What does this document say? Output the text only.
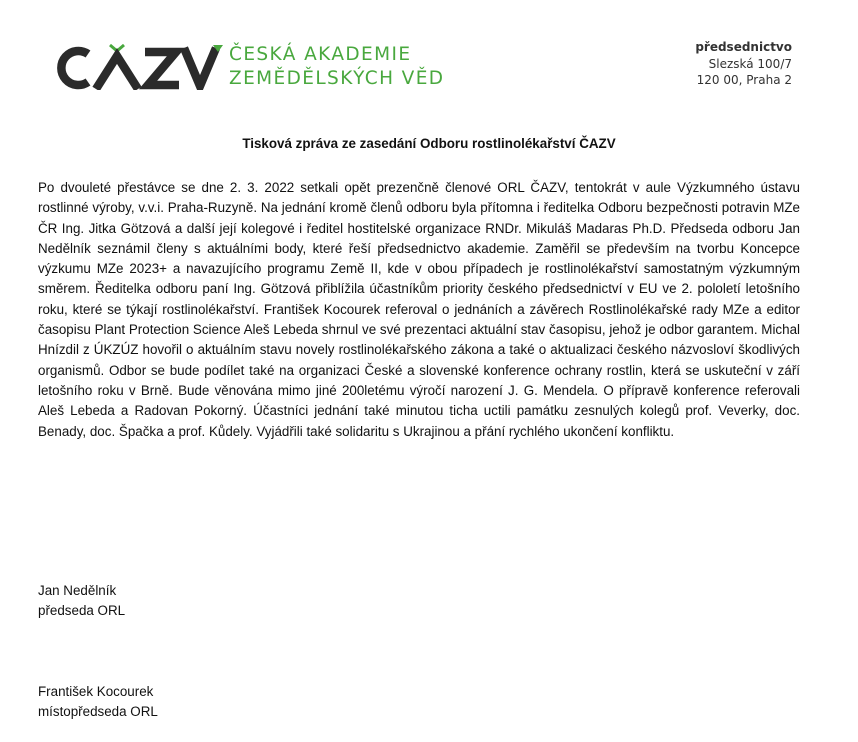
ČESKÁ AKADEMIE
ZEMĚDĚLSKÝCH VĚD
předsednictvo
Slezská 100/7
120 00, Praha 2
Tisková zpráva ze zasedání Odboru rostlinolékařství ČAZV

Po dvouleté přestávce se dne 2. 3. 2022 setkali opět prezenčně členové ORL ČAZV, tentokrát v aule Výzkumného ústavu rostlinné výroby, v.v.i. Praha-Ruzyně. Na jednání kromě členů odboru byla přítomna i ředitelka Odboru bezpečnosti potravin MZe ČR Ing. Jitka Götzová a další její kolegové i ředitel hostitelské organizace RNDr. Mikuláš Madaras Ph.D. Předseda odboru Jan Nedělník seznámil členy s aktuálními body, které řeší předsednictvo akademie. Zaměřil se především na tvorbu Koncepce výzkumu MZe 2023+ a navazujícího programu Země II, kde v obou případech je rostlinolékařství samostatným výzkumným směrem. Ředitelka odboru paní Ing. Götzová přiblížila účastníkům priority českého předsednictví v EU ve 2. pololetí letošního roku, které se týkají rostlinolékařství. František Kocourek referoval o jednáních a závěrech Rostlinolékařské rady MZe a editor časopisu Plant Protection Science Aleš Lebeda shrnul ve své prezentaci aktuální stav časopisu, jehož je odbor garantem. Michal Hnízdil z ÚKZÚZ hovořil o aktuálním stavu novely rostlinolékařského zákona a také o aktualizaci českého názvosloví škodlivých organismů. Odbor se bude podílet také na organizaci České a slovenské konference ochrany rostlin, která se uskuteční v září letošního roku v Brně. Bude věnována mimo jiné 200letému výročí narození J. G. Mendela. O přípravě konference referovali Aleš Lebeda a Radovan Pokorný. Účastníci jednání také minutou ticha uctili památku zesnulých kolegů prof. Veverky, doc. Benady, doc. Špačka a prof. Kůdely. Vyjádřili také solidaritu s Ukrajinou a přání rychlého ukončení konfliktu.

Jan Nedělník
předseda ORL
František Kocourek
místopředseda ORL
